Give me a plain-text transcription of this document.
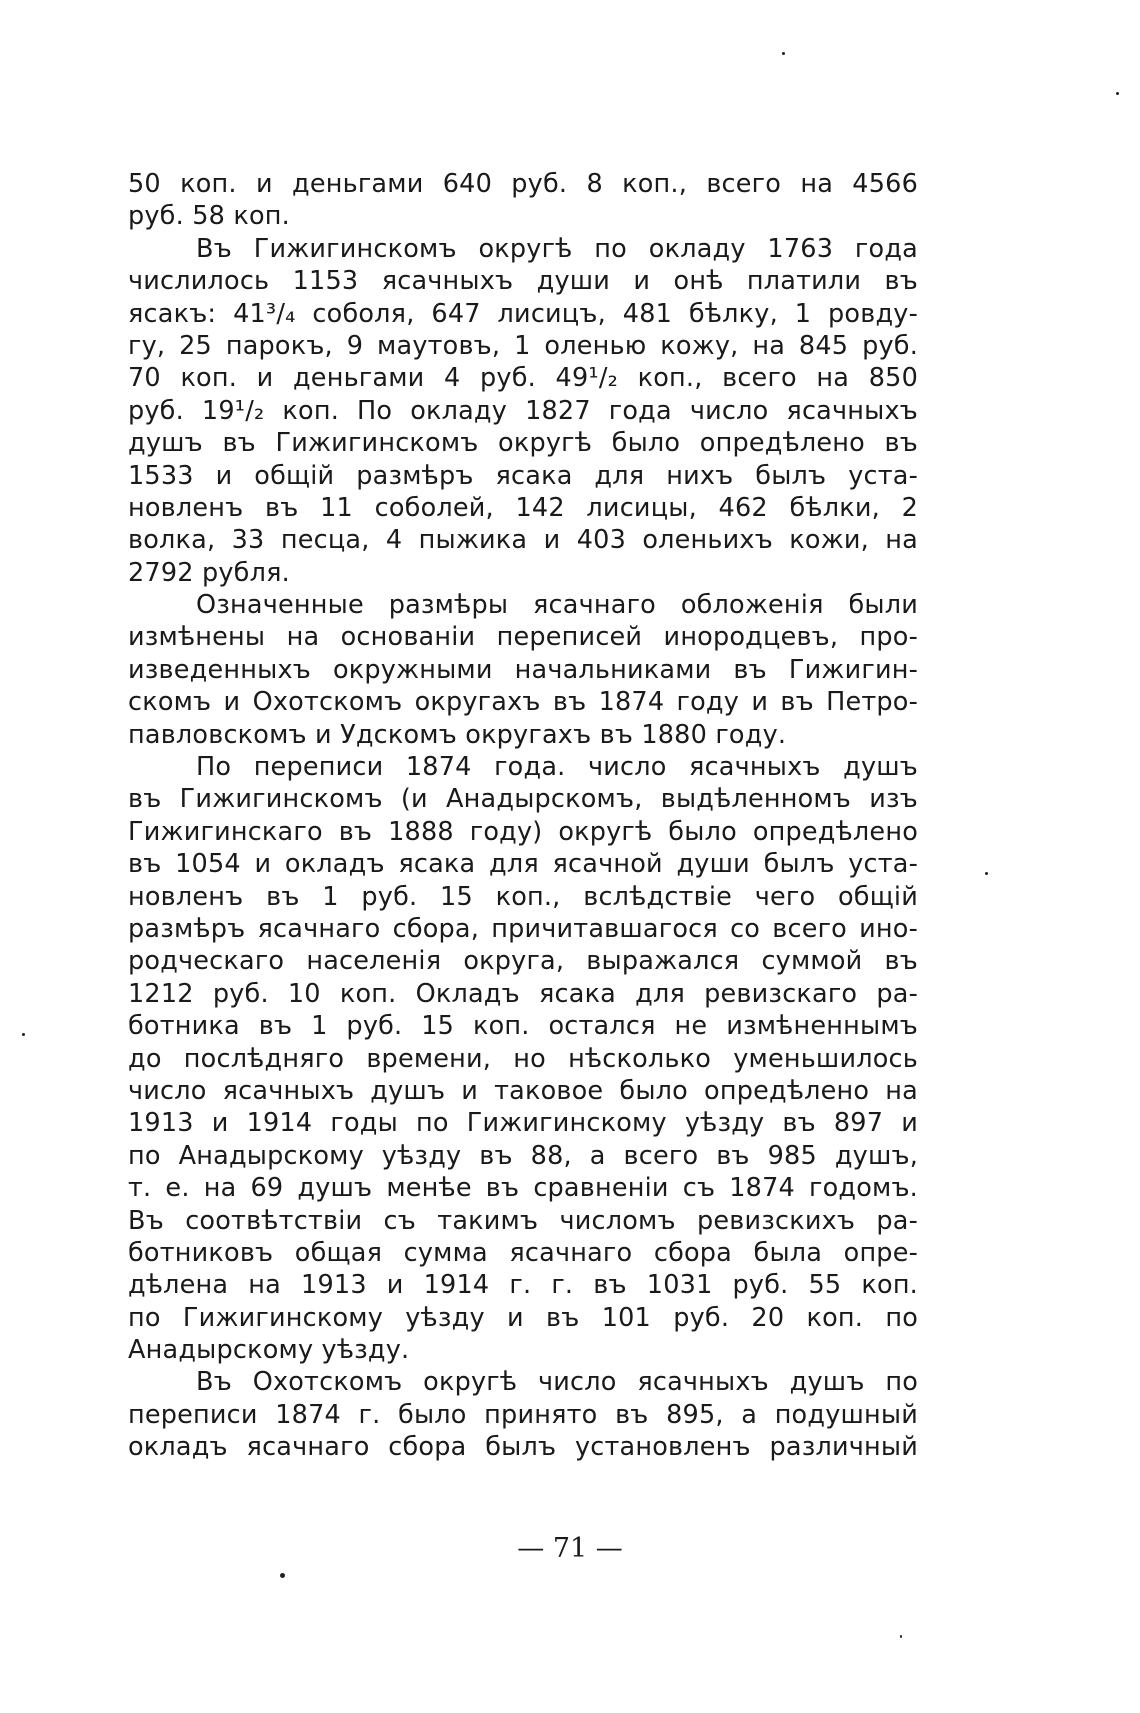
50 коп. и деньгами 640 руб. 8 коп., всего на 4566
руб. 58 коп.
Въ Гижигинскомъ округѣ по окладу 1763 года
числилось 1153 ясачныхъ души и онѣ платили въ
ясакъ: 41³/₄ соболя, 647 лисицъ, 481 бѣлку, 1 ровду-
гу, 25 парокъ, 9 маутовъ, 1 оленью кожу, на 845 руб.
70 коп. и деньгами 4 руб. 49¹/₂ коп., всего на 850
руб. 19¹/₂ коп. По окладу 1827 года число ясачныхъ
душъ въ Гижигинскомъ округѣ было опредѣлено въ
1533 и общій размѣръ ясака для нихъ былъ уста-
новленъ въ 11 соболей, 142 лисицы, 462 бѣлки, 2
волка, 33 песца, 4 пыжика и 403 оленьихъ кожи, на
2792 рубля.
Означенные размѣры ясачнаго обложенія были
измѣнены на основаніи переписей инородцевъ, про-
изведенныхъ окружными начальниками въ Гижигин-
скомъ и Охотскомъ округахъ въ 1874 году и въ Петро-
павловскомъ и Удскомъ округахъ въ 1880 году.
По переписи 1874 года. число ясачныхъ душъ
въ Гижигинскомъ (и Анадырскомъ, выдѣленномъ изъ
Гижигинскаго въ 1888 году) округѣ было опредѣлено
въ 1054 и окладъ ясака для ясачной души былъ уста-
новленъ въ 1 руб. 15 коп., вслѣдствіе чего общій
размѣръ ясачнаго сбора, причитавшагося со всего ино-
родческаго населенія округа, выражался суммой въ
1212 руб. 10 коп. Окладъ ясака для ревизскаго ра-
ботника въ 1 руб. 15 коп. остался не измѣненнымъ
до послѣдняго времени, но нѣсколько уменьшилось
число ясачныхъ душъ и таковое было опредѣлено на
1913 и 1914 годы по Гижигинскому уѣзду въ 897 и
по Анадырскому уѣзду въ 88, а всего въ 985 душъ,
т. е. на 69 душъ менѣе въ сравненіи съ 1874 годомъ.
Въ соотвѣтствіи съ такимъ числомъ ревизскихъ ра-
ботниковъ общая сумма ясачнаго сбора была опре-
дѣлена на 1913 и 1914 г. г. въ 1031 руб. 55 коп.
по Гижигинскому уѣзду и въ 101 руб. 20 коп. по
Анадырскому уѣзду.
Въ Охотскомъ округѣ число ясачныхъ душъ по
переписи 1874 г. было принято въ 895, а подушный
окладъ ясачнаго сбора былъ установленъ различный
— 71 —
